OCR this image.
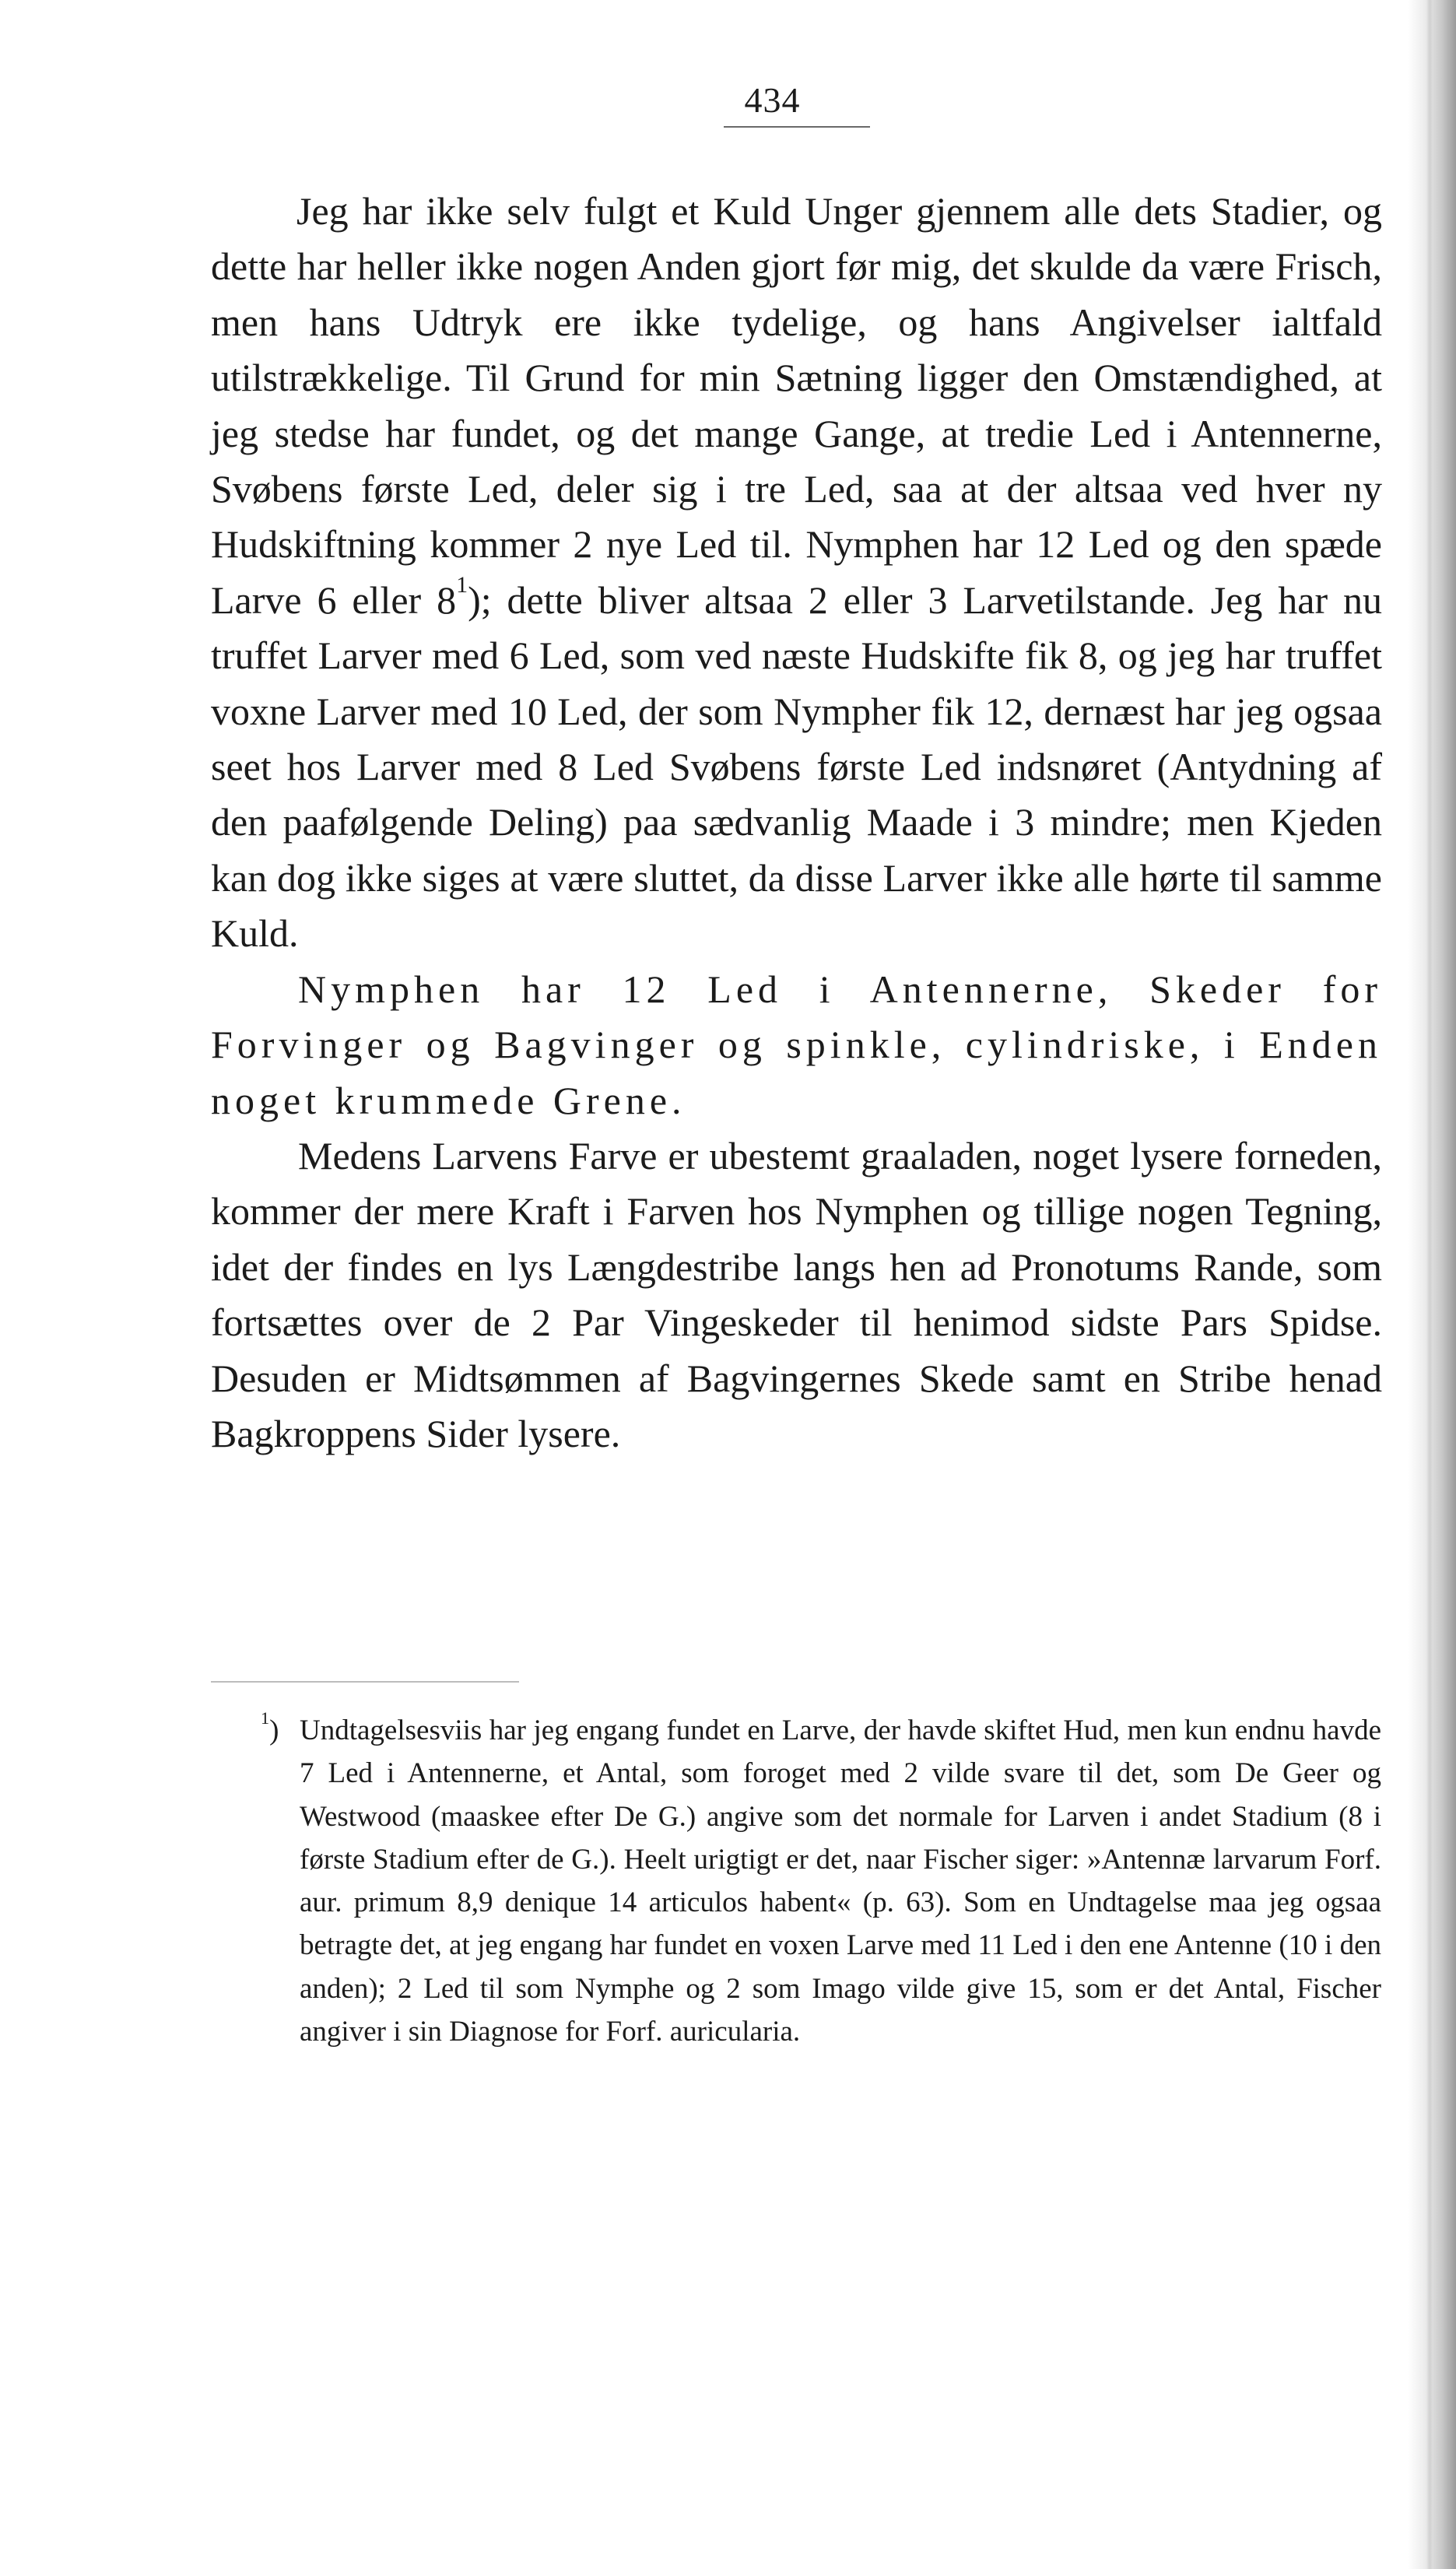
434

Jeg har ikke selv fulgt et Kuld Unger gjennem alle dets Stadier, og dette har heller ikke nogen Anden gjort før mig, det skulde da være Frisch, men hans Udtryk ere ikke tydelige, og hans Angivelser ialtfald utilstrækkelige. Til Grund for min Sætning ligger den Omstændighed, at jeg stedse har fundet, og det mange Gange, at tredie Led i Antennerne, Svøbens første Led, deler sig i tre Led, saa at der altsaa ved hver ny Hudskiftning kommer 2 nye Led til. Nymphen har 12 Led og den spæde Larve 6 eller $8^1$); dette bliver altsaa 2 eller 3 Larvetilstande. Jeg har nu truffet Larver med 6 Led, som ved næste Hudskifte fik 8, og jeg har truffet voxne Larver med 10 Led, der som Nympher fik 12, dernæst har jeg ogsaa seet hos Larver med 8 Led Svøbens første Led indsnøret (Antydning af den paafølgende Deling) paa sædvanlig Maade i 3 mindre; men Kjeden kan dog ikke siges at være sluttet, da disse Larver ikke alle hørte til samme Kuld.

Nymphen har 12 Led i Antennerne, Skeder for Forvinger og Bagvinger og spinkle, cylindriske, i Enden noget krummede Grene.

Medens Larvens Farve er ubestemt graaladen, noget lysere forneden, kommer der mere Kraft i Farven hos Nymphen og tillige nogen Tegning, idet der findes en lys Længdestribe langs hen ad Pronotums Rande, som fortsættes over de 2 Par Vingeskeder til henimod sidste Pars Spidse. Desuden er Midtsømmen af Bagvingernes Skede samt en Stribe henad Bagkroppens Sider lysere.

$^1$) Undtagelsesviis har jeg engang fundet en Larve, der havde skiftet Hud, men kun endnu havde 7 Led i Antennerne, et Antal, som foroget med 2 vilde svare til det, som De Geer og Westwood (maaskee efter De G.) angive som det normale for Larven i andet Stadium (8 i første Stadium efter de G.). Heelt urigtigt er det, naar Fischer siger: »Antennæ larvarum Forf. aur. primum 8,9 denique 14 articulos habent« (p. 63). Som en Undtagelse maa jeg ogsaa betragte det, at jeg engang har fundet en voxen Larve med 11 Led i den ene Antenne (10 i den anden); 2 Led til som Nymphe og 2 som Imago vilde give 15, som er det Antal, Fischer angiver i sin Diagnose for Forf. auricularia.
